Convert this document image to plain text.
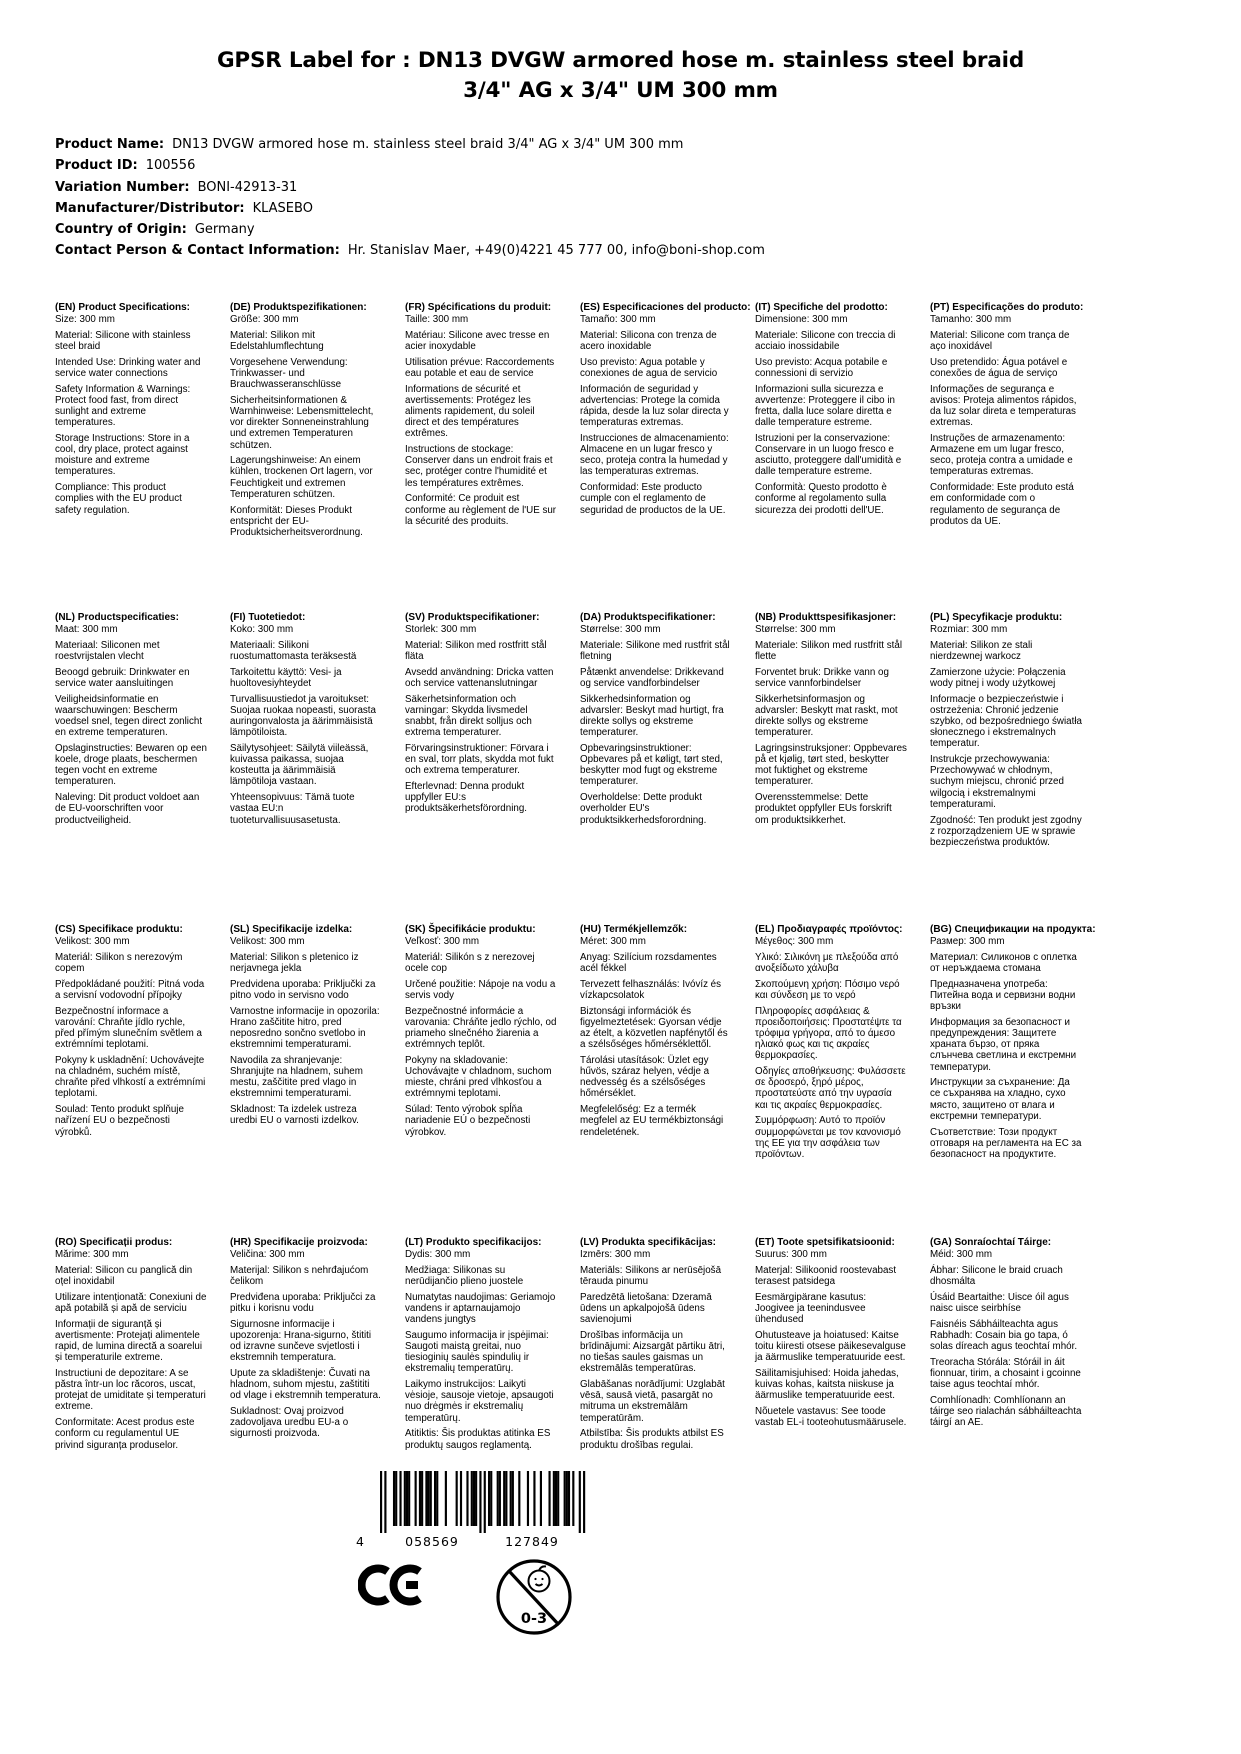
GPSR Label for : DN13 DVGW armored hose m. stainless steel braid
3/4" AG x 3/4" UM 300 mm
Product Name: DN13 DVGW armored hose m. stainless steel braid 3/4" AG x 3/4" UM 300 mm
Product ID: 100556
Variation Number: BONI-42913-31
Manufacturer/Distributor: KLASEBO
Country of Origin: Germany
Contact Person & Contact Information: Hr. Stanislav Maer, +49(0)4221 45 777 00, info@boni-shop.com
(EN) Product Specifications:

Size: 300 mm

Material: Silicone with stainless steel braid

Intended Use: Drinking water and service water connections

Safety Information & Warnings: Protect food fast, from direct sunlight and extreme temperatures.

Storage Instructions: Store in a cool, dry place, protect against moisture and extreme temperatures.

Compliance: This product complies with the EU product safety regulation.

(DE) Produktspezifikationen:

Größe: 300 mm

Material: Silikon mit Edelstahlumflechtung

Vorgesehene Verwendung: Trinkwasser- und Brauchwasseranschlüsse

Sicherheitsinformationen & Warnhinweise: Lebensmittelecht, vor direkter Sonneneinstrahlung und extremen Temperaturen schützen.

Lagerungshinweise: An einem kühlen, trockenen Ort lagern, vor Feuchtigkeit und extremen Temperaturen schützen.

Konformität: Dieses Produkt entspricht der EU-Produktsicherheitsverordnung.

(FR) Spécifications du produit:

Taille: 300 mm

Matériau: Silicone avec tresse en acier inoxydable

Utilisation prévue: Raccordements eau potable et eau de service

Informations de sécurité et avertissements: Protégez les aliments rapidement, du soleil direct et des températures extrêmes.

Instructions de stockage: Conserver dans un endroit frais et sec, protéger contre l'humidité et les températures extrêmes.

Conformité: Ce produit est conforme au règlement de l'UE sur la sécurité des produits.

(ES) Especificaciones del producto:

Tamaño: 300 mm

Material: Silicona con trenza de acero inoxidable

Uso previsto: Agua potable y conexiones de agua de servicio

Información de seguridad y advertencias: Protege la comida rápida, desde la luz solar directa y temperaturas extremas.

Instrucciones de almacenamiento: Almacene en un lugar fresco y seco, proteja contra la humedad y las temperaturas extremas.

Conformidad: Este producto cumple con el reglamento de seguridad de productos de la UE.

(IT) Specifiche del prodotto:

Dimensione: 300 mm

Materiale: Silicone con treccia di acciaio inossidabile

Uso previsto: Acqua potabile e connessioni di servizio

Informazioni sulla sicurezza e avvertenze: Proteggere il cibo in fretta, dalla luce solare diretta e dalle temperature estreme.

Istruzioni per la conservazione: Conservare in un luogo fresco e asciutto, proteggere dall'umidità e dalle temperature estreme.

Conformità: Questo prodotto è conforme al regolamento sulla sicurezza dei prodotti dell'UE.

(PT) Especificações do produto:

Tamanho: 300 mm

Material: Silicone com trança de aço inoxidável

Uso pretendido: Água potável e conexões de água de serviço

Informações de segurança e avisos: Proteja alimentos rápidos, da luz solar direta e temperaturas extremas.

Instruções de armazenamento: Armazene em um lugar fresco, seco, proteja contra a umidade e temperaturas extremas.

Conformidade: Este produto está em conformidade com o regulamento de segurança de produtos da UE.

(NL) Productspecificaties:

Maat: 300 mm

Materiaal: Siliconen met roestvrijstalen vlecht

Beoogd gebruik: Drinkwater en service water aansluitingen

Veiligheidsinformatie en waarschuwingen: Bescherm voedsel snel, tegen direct zonlicht en extreme temperaturen.

Opslaginstructies: Bewaren op een koele, droge plaats, beschermen tegen vocht en extreme temperaturen.

Naleving: Dit product voldoet aan de EU-voorschriften voor productveiligheid.

(FI) Tuotetiedot:

Koko: 300 mm

Materiaali: Silikoni ruostumattomasta teräksestä

Tarkoitettu käyttö: Vesi- ja huoltovesiyhteydet

Turvallisuustiedot ja varoitukset: Suojaa ruokaa nopeasti, suorasta auringonvalosta ja äärimmäisistä lämpötiloista.

Säilytysohjeet: Säilytä viileässä, kuivassa paikassa, suojaa kosteutta ja äärimmäisiä lämpötiloja vastaan.

Yhteensopivuus: Tämä tuote vastaa EU:n tuoteturvallisuusasetusta.

(SV) Produktspecifikationer:

Storlek: 300 mm

Material: Silikon med rostfritt stål fläta

Avsedd användning: Dricka vatten och service vattenanslutningar

Säkerhetsinformation och varningar: Skydda livsmedel snabbt, från direkt solljus och extrema temperaturer.

Förvaringsinstruktioner: Förvara i en sval, torr plats, skydda mot fukt och extrema temperaturer.

Efterlevnad: Denna produkt uppfyller EU:s produktsäkerhetsförordning.

(DA) Produktspecifikationer:

Størrelse: 300 mm

Materiale: Silikone med rustfrit stål fletning

Påtænkt anvendelse: Drikkevand og service vandforbindelser

Sikkerhedsinformation og advarsler: Beskyt mad hurtigt, fra direkte sollys og ekstreme temperaturer.

Opbevaringsinstruktioner: Opbevares på et køligt, tørt sted, beskytter mod fugt og ekstreme temperaturer.

Overholdelse: Dette produkt overholder EU's produktsikkerhedsforordning.

(NB) Produkttspesifikasjoner:

Størrelse: 300 mm

Materiale: Silikon med rustfritt stål flette

Forventet bruk: Drikke vann og service vannforbindelser

Sikkerhetsinformasjon og advarsler: Beskytt mat raskt, mot direkte sollys og ekstreme temperaturer.

Lagringsinstruksjoner: Oppbevares på et kjølig, tørt sted, beskytter mot fuktighet og ekstreme temperaturer.

Overensstemmelse: Dette produktet oppfyller EUs forskrift om produktsikkerhet.

(PL) Specyfikacje produktu:

Rozmiar: 300 mm

Materiał: Silikon ze stali nierdzewnej warkocz

Zamierzone użycie: Połączenia wody pitnej i wody użytkowej

Informacje o bezpieczeństwie i ostrzeżenia: Chronić jedzenie szybko, od bezpośredniego światła słonecznego i ekstremalnych temperatur.

Instrukcje przechowywania: Przechowywać w chłodnym, suchym miejscu, chronić przed wilgocią i ekstremalnymi temperaturami.

Zgodność: Ten produkt jest zgodny z rozporządzeniem UE w sprawie bezpieczeństwa produktów.

(CS) Specifikace produktu:

Velikost: 300 mm

Materiál: Silikon s nerezovým copem

Předpokládané použití: Pitná voda a servisní vodovodní přípojky

Bezpečnostní informace a varování: Chraňte jídlo rychle, před přímým slunečním světlem a extrémními teplotami.

Pokyny k uskladnění: Uchovávejte na chladném, suchém místě, chraňte před vlhkostí a extrémními teplotami.

Soulad: Tento produkt splňuje nařízení EU o bezpečnosti výrobků.

(SL) Specifikacije izdelka:

Velikost: 300 mm

Material: Silikon s pletenico iz nerjavnega jekla

Predvidena uporaba: Priključki za pitno vodo in servisno vodo

Varnostne informacije in opozorila: Hrano zaščitite hitro, pred neposredno sončno svetlobo in ekstremnimi temperaturami.

Navodila za shranjevanje: Shranjujte na hladnem, suhem mestu, zaščitite pred vlago in ekstremnimi temperaturami.

Skladnost: Ta izdelek ustreza uredbi EU o varnosti izdelkov.

(SK) Špecifikácie produktu:

Veľkosť: 300 mm

Materiál: Silikón s z nerezovej ocele cop

Určené použitie: Nápoje na vodu a servis vody

Bezpečnostné informácie a varovania: Chráňte jedlo rýchlo, od priameho slnečného žiarenia a extrémnych teplôt.

Pokyny na skladovanie: Uchovávajte v chladnom, suchom mieste, chráni pred vlhkosťou a extrémnymi teplotami.

Súlad: Tento výrobok spĺňa nariadenie EÚ o bezpečnosti výrobkov.

(HU) Termékjellemzők:

Méret: 300 mm

Anyag: Szilícium rozsdamentes acél fékkel

Tervezett felhasználás: Ivóvíz és vízkapcsolatok

Biztonsági információk és figyelmeztetések: Gyorsan védje az ételt, a közvetlen napfénytől és a szélsőséges hőmérséklettől.

Tárolási utasítások: Üzlet egy hűvös, száraz helyen, védje a nedvesség és a szélsőséges hőmérséklet.

Megfelelőség: Ez a termék megfelel az EU termékbiztonsági rendeletének.

(EL) Προδιαγραφές προϊόντος:

Μέγεθος: 300 mm

Υλικό: Σιλικόνη με πλεξούδα από ανοξείδωτο χάλυβα

Σκοπούμενη χρήση: Πόσιμο νερό και σύνδεση με το νερό

Πληροφορίες ασφάλειας & προειδοποιήσεις: Προστατέψτε τα τρόφιμα γρήγορα, από το άμεσο ηλιακό φως και τις ακραίες θερμοκρασίες.

Οδηγίες αποθήκευσης: Φυλάσσετε σε δροσερό, ξηρό μέρος, προστατεύστε από την υγρασία και τις ακραίες θερμοκρασίες.

Συμμόρφωση: Αυτό το προϊόν συμμορφώνεται με τον κανονισμό της ΕΕ για την ασφάλεια των προϊόντων.

(BG) Спецификации на продукта:

Размер: 300 mm

Материал: Силиконов с оплетка от неръждаема стомана

Предназначена употреба: Питейна вода и сервизни водни връзки

Информация за безопасност и предупреждения: Защитете храната бързо, от пряка слънчева светлина и екстремни температури.

Инструкции за съхранение: Да се съхранява на хладно, сухо място, защитено от влага и екстремни температури.

Съответствие: Този продукт отговаря на регламента на ЕС за безопасност на продуктите.

(RO) Specificații produs:

Mărime: 300 mm

Material: Silicon cu panglică din oțel inoxidabil

Utilizare intenționată: Conexiuni de apă potabilă și apă de serviciu

Informații de siguranță și avertismente: Protejați alimentele rapid, de lumina directă a soarelui și temperaturile extreme.

Instructiuni de depozitare: A se păstra într-un loc răcoros, uscat, protejat de umiditate și temperaturi extreme.

Conformitate: Acest produs este conform cu regulamentul UE privind siguranța produselor.

(HR) Specifikacije proizvoda:

Veličina: 300 mm

Materijal: Silikon s nehrđajućom čelikom

Predviđena uporaba: Priključci za pitku i korisnu vodu

Sigurnosne informacije i upozorenja: Hrana-sigurno, štititi od izravne sunčeve svjetlosti i ekstremnih temperatura.

Upute za skladištenje: Čuvati na hladnom, suhom mjestu, zaštititi od vlage i ekstremnih temperatura.

Sukladnost: Ovaj proizvod zadovoljava uredbu EU-a o sigurnosti proizvoda.

(LT) Produkto specifikacijos:

Dydis: 300 mm

Medžiaga: Silikonas su nerūdijančio plieno juostele

Numatytas naudojimas: Geriamojo vandens ir aptarnaujamojo vandens jungtys

Saugumo informacija ir įspėjimai: Saugoti maistą greitai, nuo tiesioginių saulės spindulių ir ekstremalių temperatūrų.

Laikymo instrukcijos: Laikyti vėsioje, sausoje vietoje, apsaugoti nuo drėgmės ir ekstremalių temperatūrų.

Atitiktis: Šis produktas atitinka ES produktų saugos reglamentą.

(LV) Produkta specifikācijas:

Izmērs: 300 mm

Materiāls: Silikons ar nerūsējošā tērauda pinumu

Paredzētā lietošana: Dzeramā ūdens un apkalpojošā ūdens savienojumi

Drošības informācija un brīdinājumi: Aizsargāt pārtiku ātri, no tiešas saules gaismas un ekstremālās temperatūras.

Glabāšanas norādījumi: Uzglabāt vēsā, sausā vietā, pasargāt no mitruma un ekstremālām temperatūrām.

Atbilstība: Šis produkts atbilst ES produktu drošības regulai.

(ET) Toote spetsifikatsioonid:

Suurus: 300 mm

Materjal: Silikoonid roostevabast terasest patsidega

Eesmärgipärane kasutus: Joogivee ja teenindusvee ühendused

Ohutusteave ja hoiatused: Kaitse toitu kiiresti otsese päikesevalguse ja äärmuslike temperatuuride eest.

Säilitamisjuhised: Hoida jahedas, kuivas kohas, kaitsta niiskuse ja äärmuslike temperatuuride eest.

Nõuetele vastavus: See toode vastab EL-i tooteohutusmäärusele.

(GA) Sonraíochtaí Táirge:

Méid: 300 mm

Ábhar: Silicone le braid cruach dhosmálta

Úsáid Beartaithe: Uisce óil agus naisc uisce seirbhíse

Faisnéis Sábháilteachta agus Rabhadh: Cosain bia go tapa, ó solas díreach agus teochtaí mhór.

Treoracha Stórála: Stóráil in áit fionnuar, tirim, a chosaint i gcoinne taise agus teochtaí mhór.

Comhlíonadh: Comhlíonann an táirge seo rialachán sábháilteachta táirgí an AE.

4	058569	127849
0-3
